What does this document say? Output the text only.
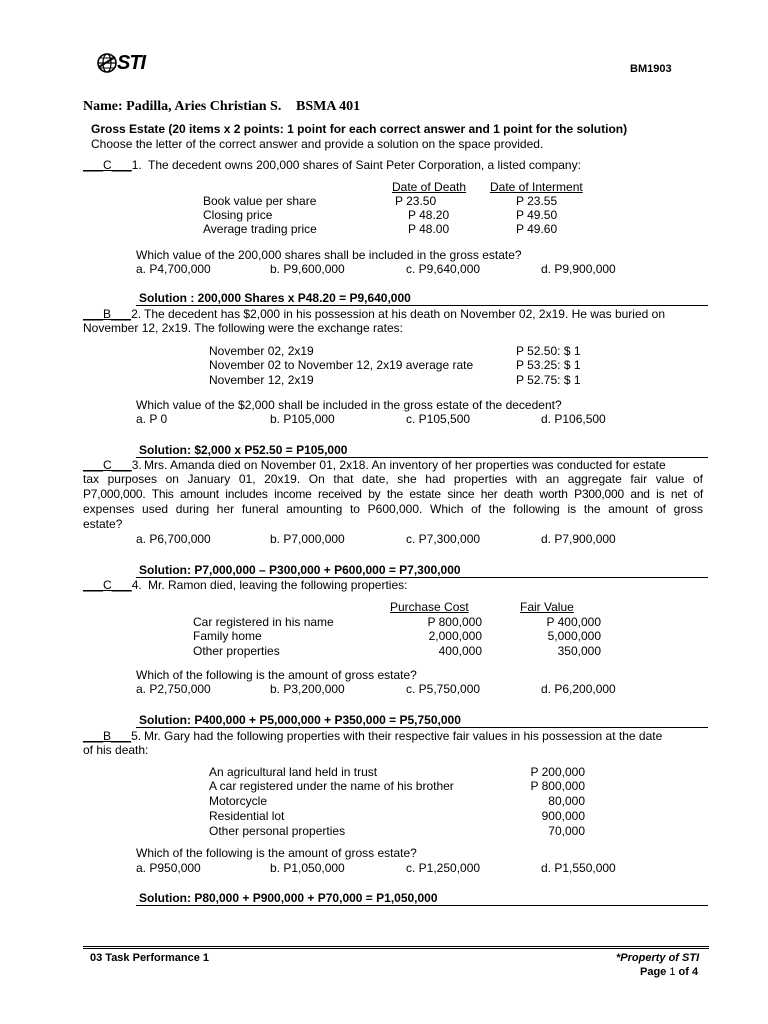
STI	BM1903
Name: Padilla, Aries Christian S. BSMA 401
Gross Estate (20 items x 2 points: 1 point for each correct answer and 1 point for the solution)
Choose the letter of the correct answer and provide a solution on the space provided.
___C___1. The decedent owns 200,000 shares of Saint Peter Corporation, a listed company:
Date of Death Date of Interment
Book value per share	P 23.50	P 23.55
Closing price	P 48.20	P 49.50
Average trading price	P 48.00	P 49.60
Which value of the 200,000 shares shall be included in the gross estate?
a. P4,700,000	b. P9,600,000	c. P9,640,000	d. P9,900,000
Solution : 200,000 Shares x P48.20 = P9,640,000
___B___2. The decedent has $2,000 in his possession at his death on November 02, 2x19. He was buried on
November 12, 2x19. The following were the exchange rates:
November 02, 2x19	P 52.50: $ 1
November 02 to November 12, 2x19 average rate	P 53.25: $ 1
November 12, 2x19	P 52.75: $ 1
Which value of the $2,000 shall be included in the gross estate of the decedent?
a. P 0	b. P105,000	c. P105,500	d. P106,500
Solution: $2,000 x P52.50 = P105,000
___C___3. Mrs. Amanda died on November 01, 2x18. An inventory of her properties was conducted for estate
tax purposes on January 01, 20x19. On that date, she had properties with an aggregate fair value of
P7,000,000. This amount includes income received by the estate since her death worth P300,000 and is net of
expenses used during her funeral amounting to P600,000. Which of the following is the amount of gross
estate?
a. P6,700,000	b. P7,000,000	c. P7,300,000	d. P7,900,000
Solution: P7,000,000 – P300,000 + P600,000 = P7,300,000
___C___4. Mr. Ramon died, leaving the following properties:
Purchase Cost	Fair Value
Car registered in his name	P 800,000	P 400,000
Family home	2,000,000	5,000,000
Other properties	400,000	350,000
Which of the following is the amount of gross estate?
a. P2,750,000	b. P3,200,000	c. P5,750,000	d. P6,200,000
Solution: P400,000 + P5,000,000 + P350,000 = P5,750,000
___B___5. Mr. Gary had the following properties with their respective fair values in his possession at the date
of his death:
An agricultural land held in trust	P 200,000
A car registered under the name of his brother	P 800,000
Motorcycle	80,000
Residential lot	900,000
Other personal properties	70,000
Which of the following is the amount of gross estate?
a. P950,000	b. P1,050,000	c. P1,250,000	d. P1,550,000
Solution: P80,000 + P900,000 + P70,000 = P1,050,000
03 Task Performance 1	*Property of STI
Page 1 of 4
